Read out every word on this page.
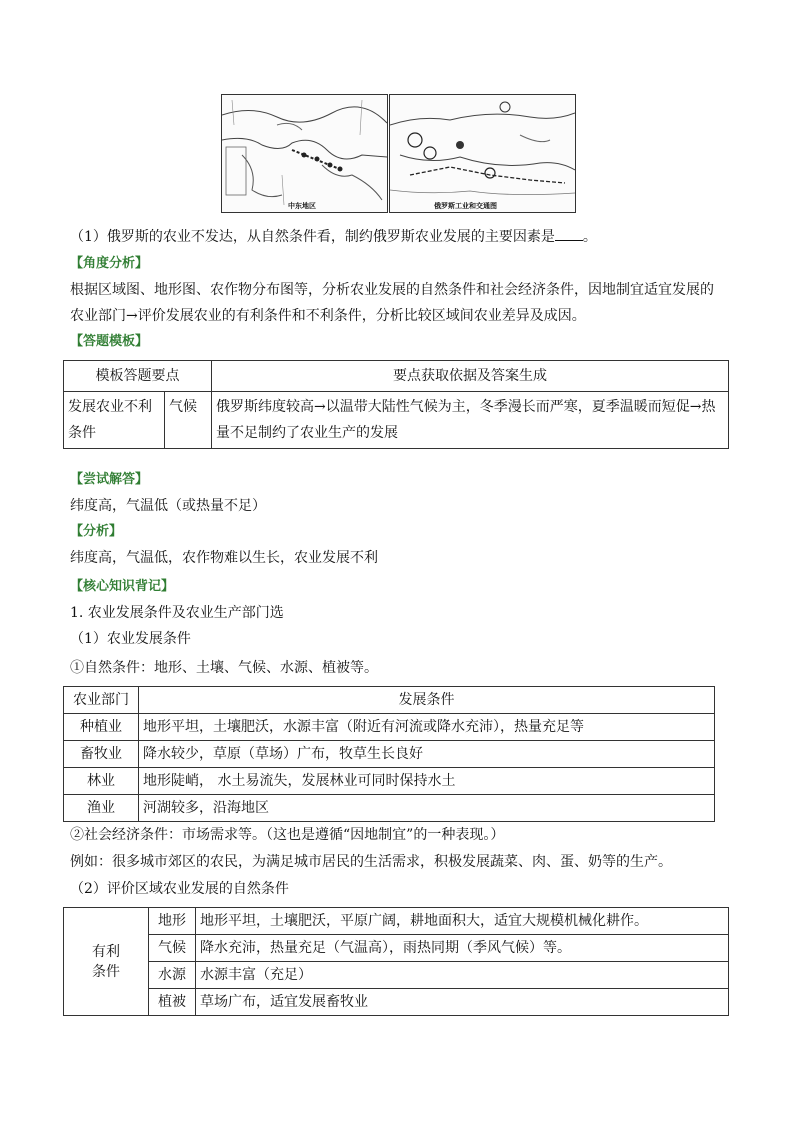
中东地区	俄罗斯工业和交通图
（1）俄罗斯的农业不发达，从自然条件看，制约俄罗斯农业发展的主要因素是 。
【角度分析】
根据区域图、地形图、农作物分布图等，分析农业发展的自然条件和社会经济条件，因地制宜适宜发展的
农业部门→评价发展农业的有利条件和不利条件，分析比较区域间农业差异及成因。
【答题模板】
模板答题要点		要点获取依据及答案生成
发展农业不利条件	气候	俄罗斯纬度较高→以温带大陆性气候为主，冬季漫长而严寒，夏季温暖而短促→热量不足制约了农业生产的发展
【尝试解答】
纬度高，气温低（或热量不足）
【分析】
纬度高，气温低，农作物难以生长，农业发展不利
【核心知识背记】
1. 农业发展条件及农业生产部门选
（1）农业发展条件
①自然条件：地形、土壤、气候、水源、植被等。
农业部门	发展条件
种植业	地形平坦，土壤肥沃，水源丰富（附近有河流或降水充沛），热量充足等
畜牧业	降水较少，草原（草场）广布，牧草生长良好
林业	地形陡峭， 水土易流失，发展林业可同时保持水土
渔业	河湖较多，沿海地区
②社会经济条件：市场需求等。（这也是遵循“因地制宜”的一种表现。）
例如：很多城市郊区的农民，为满足城市居民的生活需求，积极发展蔬菜、肉、蛋、奶等的生产。
（2）评价区域农业发展的自然条件
有利
条件	地形	地形平坦，土壤肥沃，平原广阔，耕地面积大，适宜大规模机械化耕作。
	气候	降水充沛，热量充足（气温高），雨热同期（季风气候）等。
	水源	水源丰富（充足）
	植被	草场广布，适宜发展畜牧业
